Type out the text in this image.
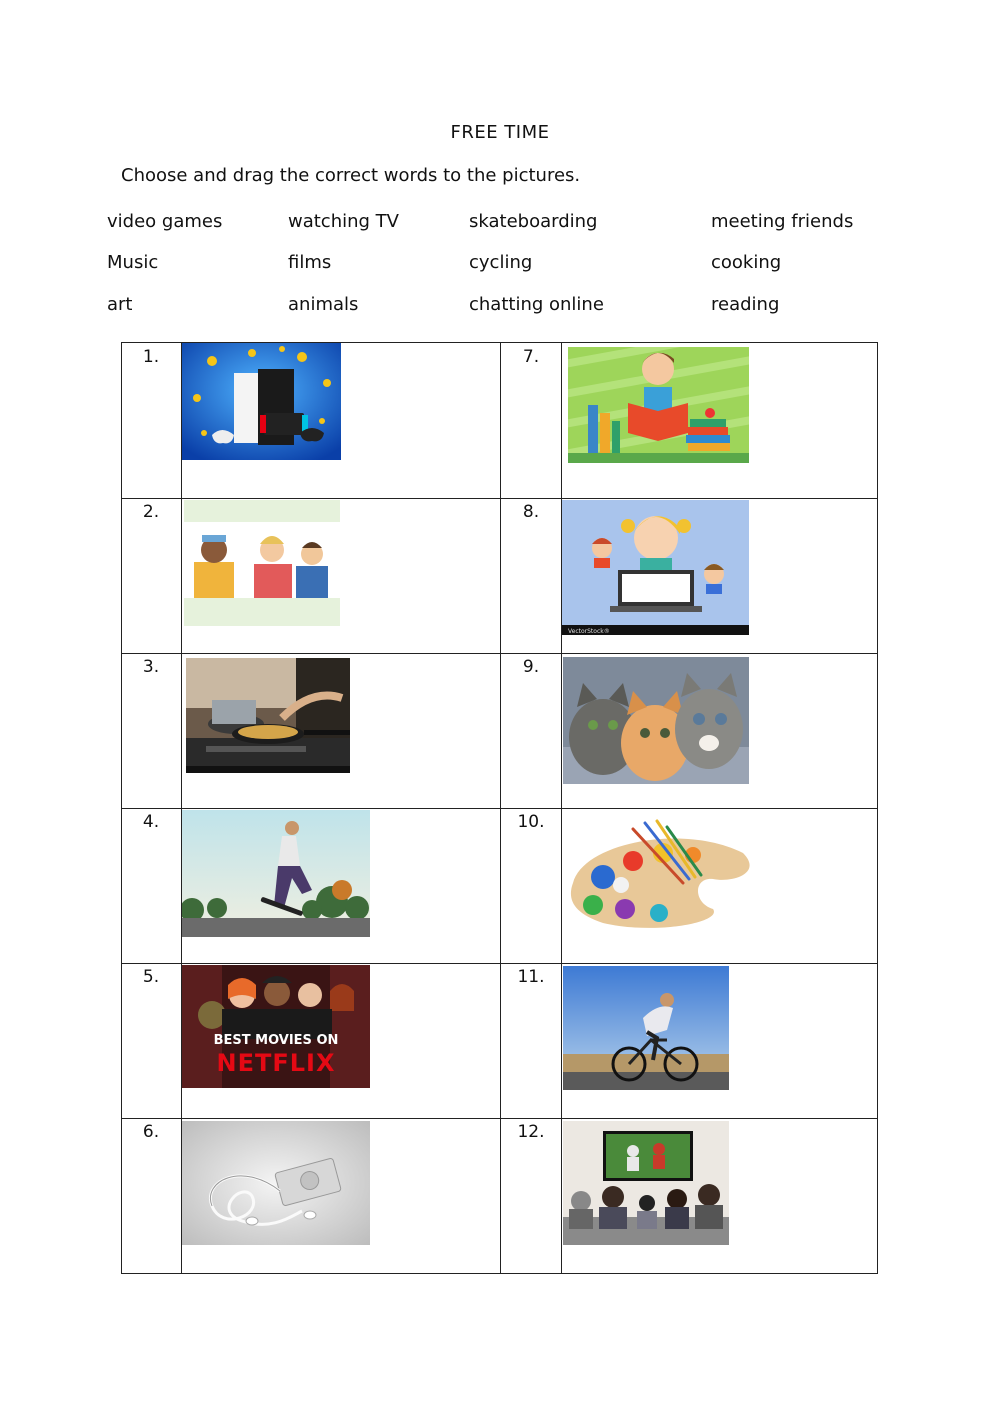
FREE TIME
Choose and drag the correct words to the pictures.
video games	watching TV	skateboarding	meeting friends
Music	films	cycling	cooking
art	animals	chatting online	reading
1.
2.
3.
4.
5.
6.
7.
8.
9.
10.
11.
12.
BEST MOVIES ON
NETFLIX
VectorStock®
